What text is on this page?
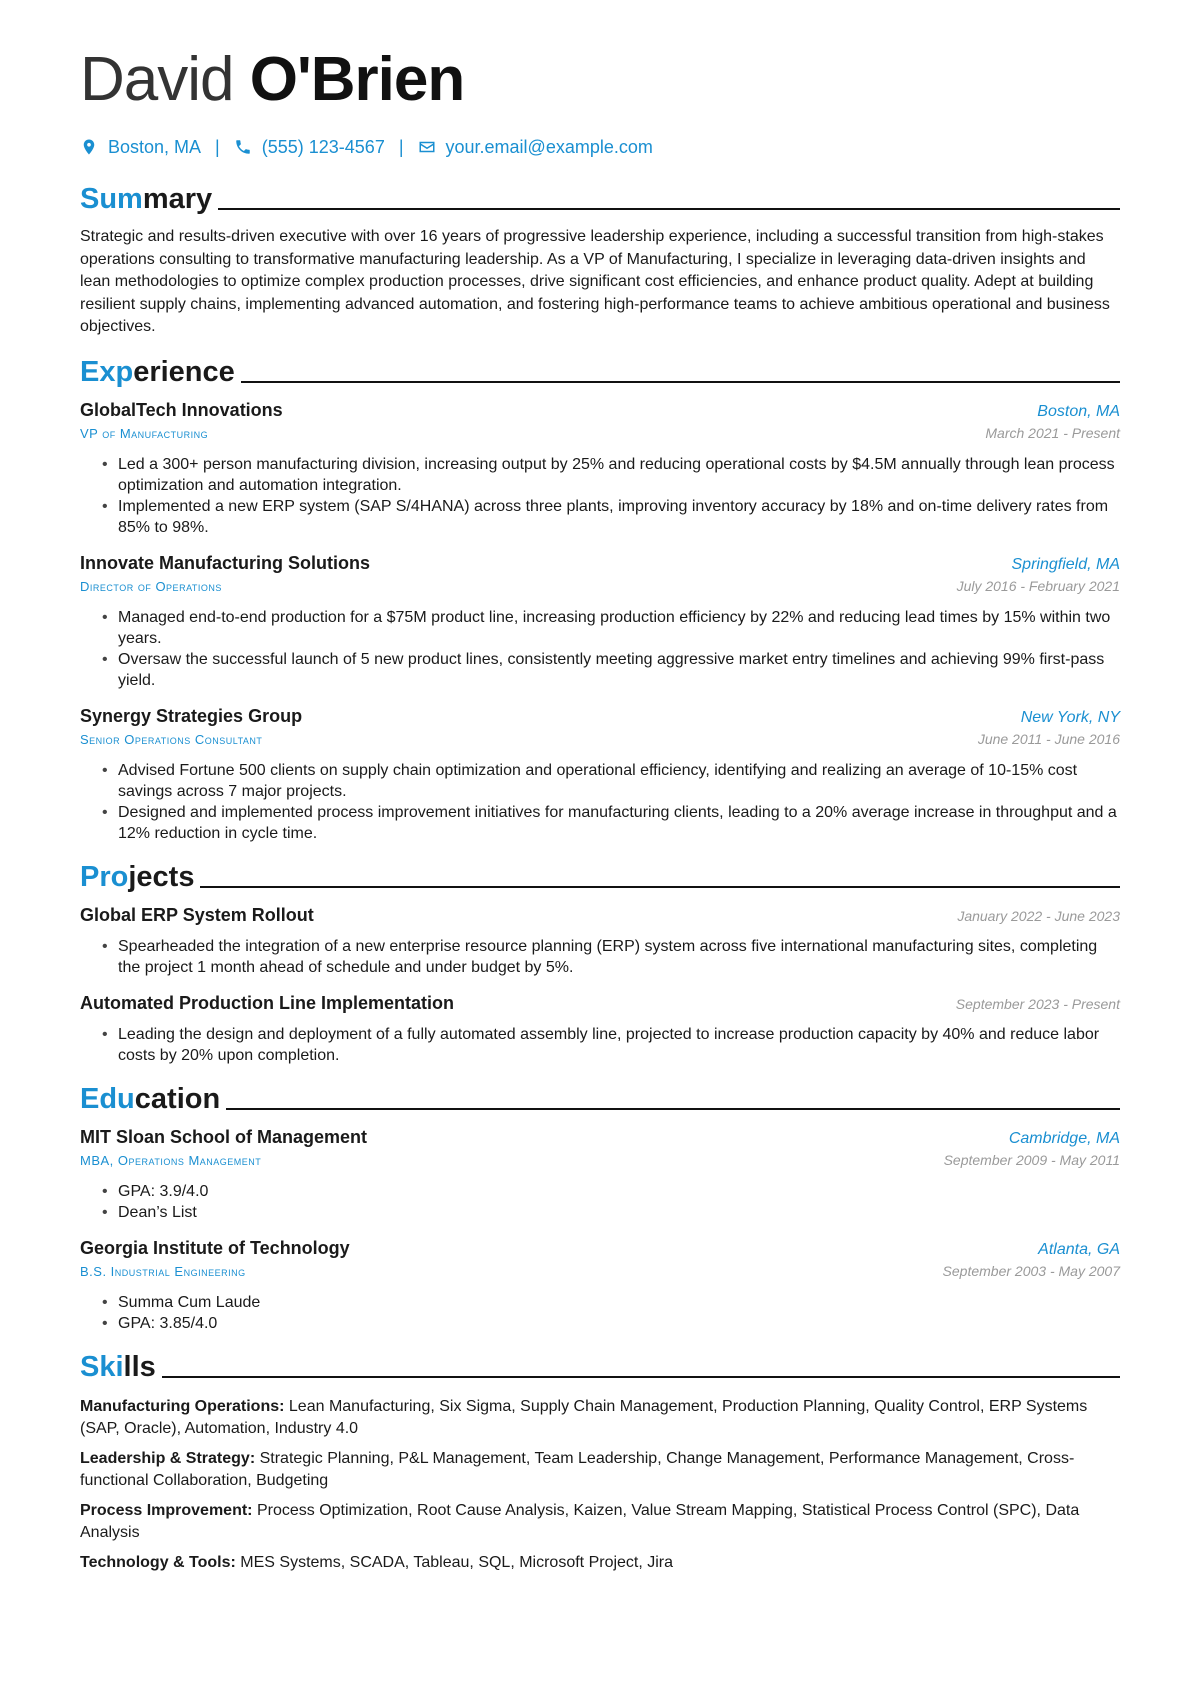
David O'Brien
Boston, MA | (555) 123-4567 | your.email@example.com
Summary

Strategic and results-driven executive with over 16 years of progressive leadership experience, including a successful transition from high-stakes operations consulting to transformative manufacturing leadership. As a VP of Manufacturing, I specialize in leveraging data-driven insights and lean methodologies to optimize complex production processes, drive significant cost efficiencies, and enhance product quality. Adept at building resilient supply chains, implementing advanced automation, and fostering high-performance teams to achieve ambitious operational and business objectives.

Experience
GlobalTech Innovations	Boston, MA
VP of Manufacturing	March 2021 - Present
• Led a 300+ person manufacturing division, increasing output by 25% and reducing operational costs by $4.5M annually through lean process optimization and automation integration.
• Implemented a new ERP system (SAP S/4HANA) across three plants, improving inventory accuracy by 18% and on-time delivery rates from 85% to 98%.
Innovate Manufacturing Solutions	Springfield, MA
Director of Operations	July 2016 - February 2021
• Managed end-to-end production for a $75M product line, increasing production efficiency by 22% and reducing lead times by 15% within two years.
• Oversaw the successful launch of 5 new product lines, consistently meeting aggressive market entry timelines and achieving 99% first-pass yield.
Synergy Strategies Group	New York, NY
Senior Operations Consultant	June 2011 - June 2016
• Advised Fortune 500 clients on supply chain optimization and operational efficiency, identifying and realizing an average of 10-15% cost savings across 7 major projects.
• Designed and implemented process improvement initiatives for manufacturing clients, leading to a 20% average increase in throughput and a 12% reduction in cycle time.
Projects
Global ERP System Rollout	January 2022 - June 2023
• Spearheaded the integration of a new enterprise resource planning (ERP) system across five international manufacturing sites, completing the project 1 month ahead of schedule and under budget by 5%.
Automated Production Line Implementation	September 2023 - Present
• Leading the design and deployment of a fully automated assembly line, projected to increase production capacity by 40% and reduce labor costs by 20% upon completion.
Education
MIT Sloan School of Management	Cambridge, MA
MBA, Operations Management	September 2009 - May 2011
• GPA: 3.9/4.0
• Dean’s List
Georgia Institute of Technology	Atlanta, GA
B.S. Industrial Engineering	September 2003 - May 2007
• Summa Cum Laude
• GPA: 3.85/4.0
Skills

Manufacturing Operations: Lean Manufacturing, Six Sigma, Supply Chain Management, Production Planning, Quality Control, ERP Systems (SAP, Oracle), Automation, Industry 4.0

Leadership & Strategy: Strategic Planning, P&L Management, Team Leadership, Change Management, Performance Management, Cross-functional Collaboration, Budgeting

Process Improvement: Process Optimization, Root Cause Analysis, Kaizen, Value Stream Mapping, Statistical Process Control (SPC), Data Analysis

Technology & Tools: MES Systems, SCADA, Tableau, SQL, Microsoft Project, Jira
